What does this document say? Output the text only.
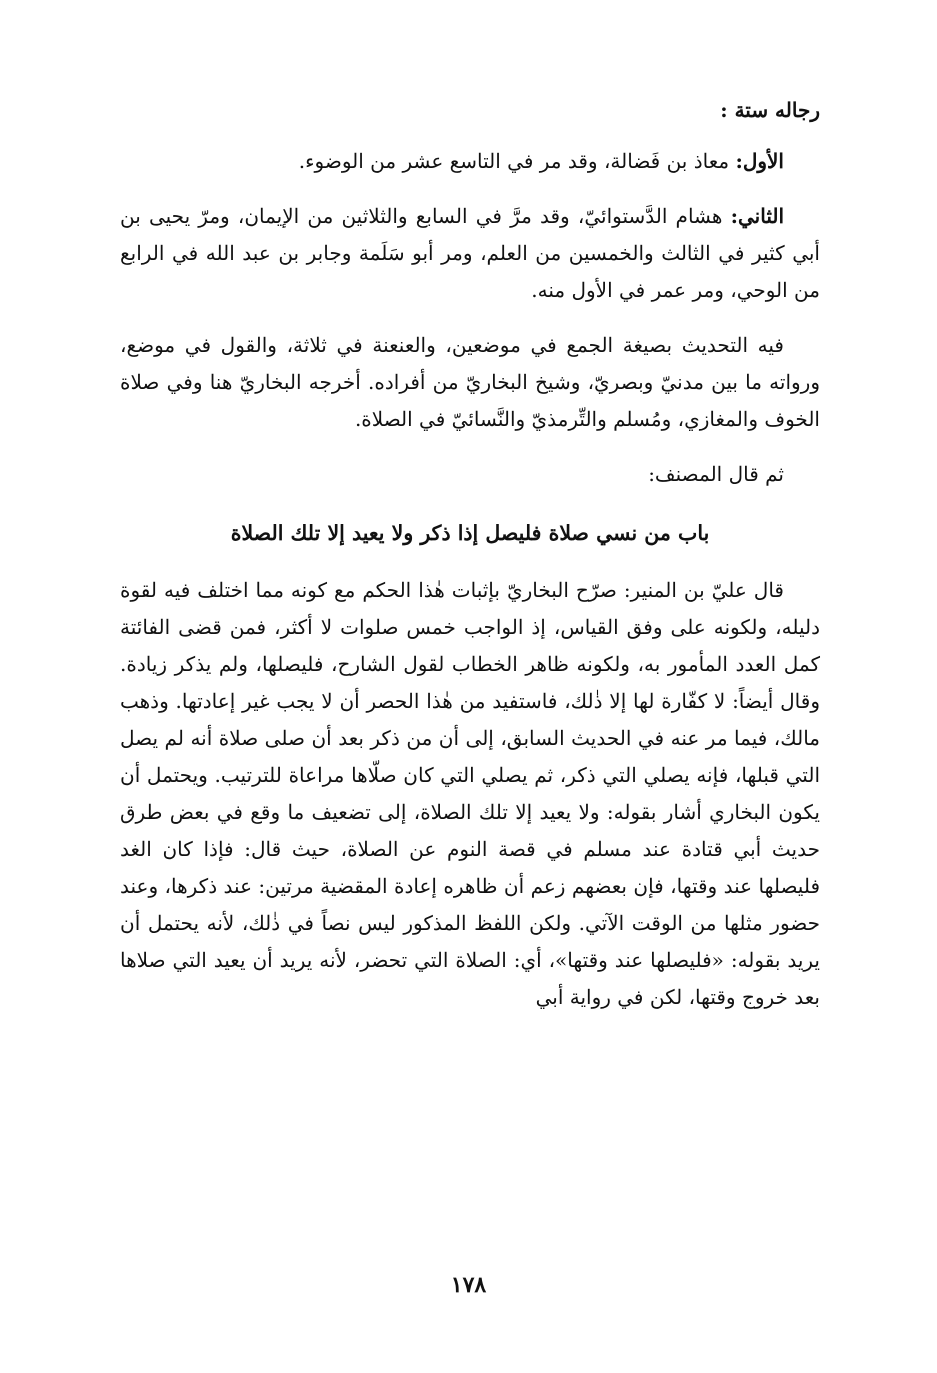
رجاله ستة :

الأول: معاذ بن فَضالة، وقد مر في التاسع عشر من الوضوء.

الثاني: هشام الدَّستوائيّ، وقد مرَّ في السابع والثلاثين من الإيمان، ومرّ يحيى بن أبي كثير في الثالث والخمسين من العلم، ومر أبو سَلَمة وجابر بن عبد الله في الرابع من الوحي، ومر عمر في الأول منه.

فيه التحديث بصيغة الجمع في موضعين، والعنعنة في ثلاثة، والقول في موضع، ورواته ما بين مدنيّ وبصريّ، وشيخ البخاريّ من أفراده. أخرجه البخاريّ هنا وفي صلاة الخوف والمغازي، ومُسلم والتِّرمذيّ والنَّسائيّ في الصلاة.

ثم قال المصنف:

باب من نسي صلاة فليصل إذا ذكر ولا يعيد إلا تلك الصلاة

قال عليّ بن المنير: صرّح البخاريّ بإثبات هٰذا الحكم مع كونه مما اختلف فيه لقوة دليله، ولكونه على وفق القياس، إذ الواجب خمس صلوات لا أكثر، فمن قضى الفائتة كمل العدد المأمور به، ولكونه ظاهر الخطاب لقول الشارح، فليصلها، ولم يذكر زيادة. وقال أيضاً: لا كفّارة لها إلا ذٰلك، فاستفيد من هٰذا الحصر أن لا يجب غير إعادتها. وذهب مالك، فيما مر عنه في الحديث السابق، إلى أن من ذكر بعد أن صلى صلاة أنه لم يصل التي قبلها، فإنه يصلي التي ذكر، ثم يصلي التي كان صلّاها مراعاة للترتيب. ويحتمل أن يكون البخاري أشار بقوله: ولا يعيد إلا تلك الصلاة، إلى تضعيف ما وقع في بعض طرق حديث أبي قتادة عند مسلم في قصة النوم عن الصلاة، حيث قال: فإذا كان الغد فليصلها عند وقتها، فإن بعضهم زعم أن ظاهره إعادة المقضية مرتين: عند ذكرها، وعند حضور مثلها من الوقت الآتي. ولكن اللفظ المذكور ليس نصاً في ذٰلك، لأنه يحتمل أن يريد بقوله: «فليصلها عند وقتها»، أي: الصلاة التي تحضر، لأنه يريد أن يعيد التي صلاها بعد خروج وقتها، لكن في رواية أبي

١٧٨
